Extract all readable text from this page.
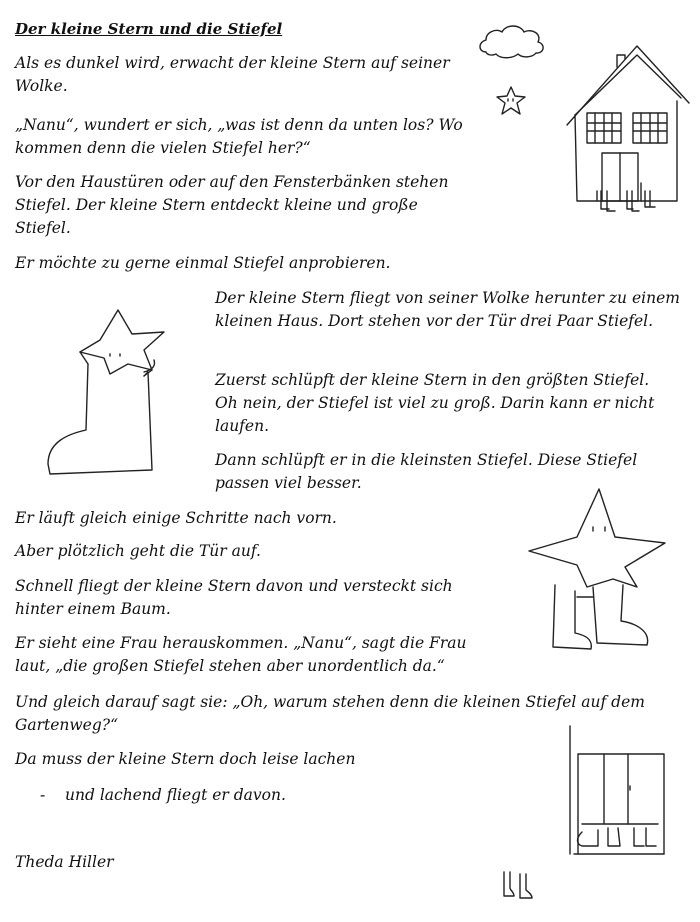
Der kleine Stern und die Stiefel

Als es dunkel wird, erwacht der kleine Stern auf seiner Wolke.

„Nanu“, wundert er sich, „was ist denn da unten los? Wo kommen denn die vielen Stiefel her?“

Vor den Haustüren oder auf den Fensterbänken stehen Stiefel. Der kleine Stern entdeckt kleine und große Stiefel.

Er möchte zu gerne einmal Stiefel anprobieren.

Der kleine Stern fliegt von seiner Wolke herunter zu einem kleinen Haus. Dort stehen vor der Tür drei Paar Stiefel.

Zuerst schlüpft der kleine Stern in den größten Stiefel. Oh nein, der Stiefel ist viel zu groß. Darin kann er nicht laufen.

Dann schlüpft er in die kleinsten Stiefel. Diese Stiefel passen viel besser.

Er läuft gleich einige Schritte nach vorn.

Aber plötzlich geht die Tür auf.

Schnell fliegt der kleine Stern davon und versteckt sich hinter einem Baum.

Er sieht eine Frau herauskommen. „Nanu“, sagt die Frau laut, „die großen Stiefel stehen aber unordentlich da.“

Und gleich darauf sagt sie: „Oh, warum stehen denn die kleinen Stiefel auf dem Gartenweg?“

Da muss der kleine Stern doch leise lachen

- und lachend fliegt er davon.

Theda Hiller
